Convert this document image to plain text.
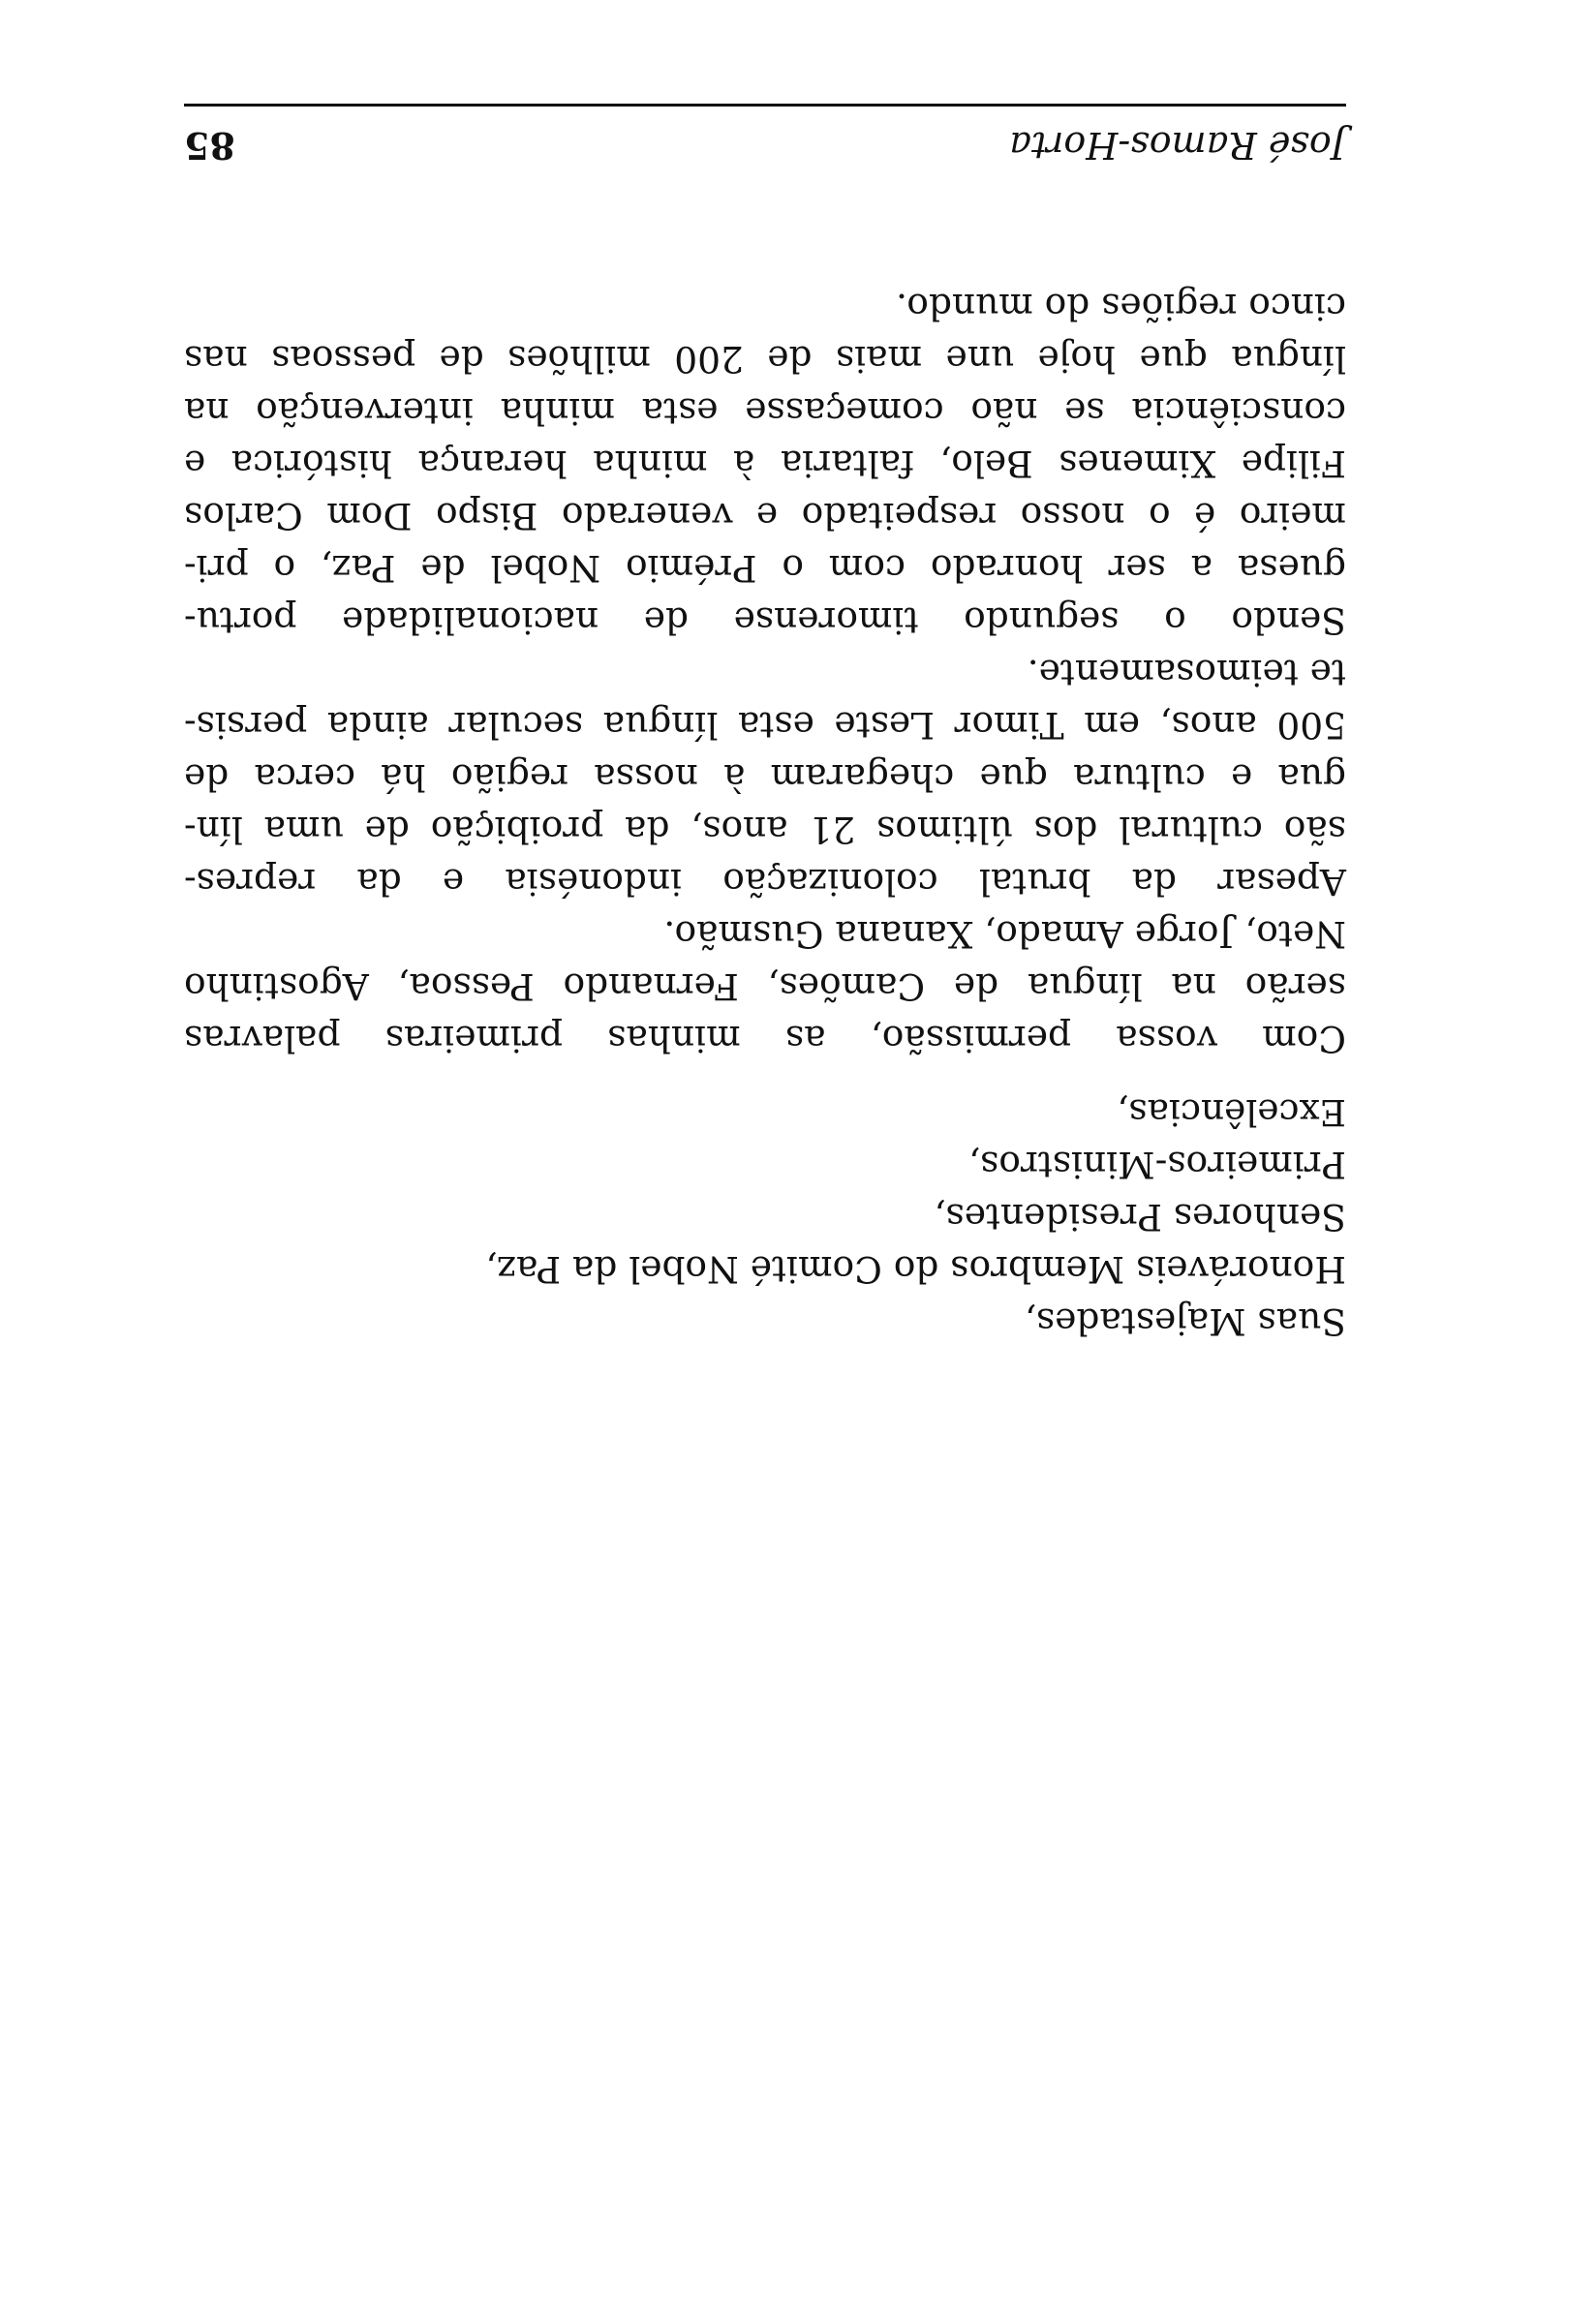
José Ramos-Horta
85
Suas Majestades,
Honoráveis Membros do Comité Nobel da Paz,
Senhores Presidentes,
Primeiros-Ministros,
Excelências,
Com vossa permissão, as minhas primeiras palavras
serão na língua de Camões, Fernando Pessoa, Agostinho
Neto, Jorge Amado, Xanana Gusmão.
Apesar da brutal colonização indonésia e da repres-
são cultural dos últimos 21 anos, da proibição de uma lín-
gua e cultura que chegaram à nossa região há cerca de
500 anos, em Timor Leste esta língua secular ainda persis-
te teimosamente.
Sendo o segundo timorense de nacionalidade portu-
guesa a ser honrado com o Prémio Nobel de Paz, o pri-
meiro é o nosso respeitado e venerado Bispo Dom Carlos
Filipe Ximenes Belo, faltaria à minha herança histórica e
consciência se não começasse esta minha intervenção na
língua que hoje une mais de 200 milhões de pessoas nas
cinco regiões do mundo.
